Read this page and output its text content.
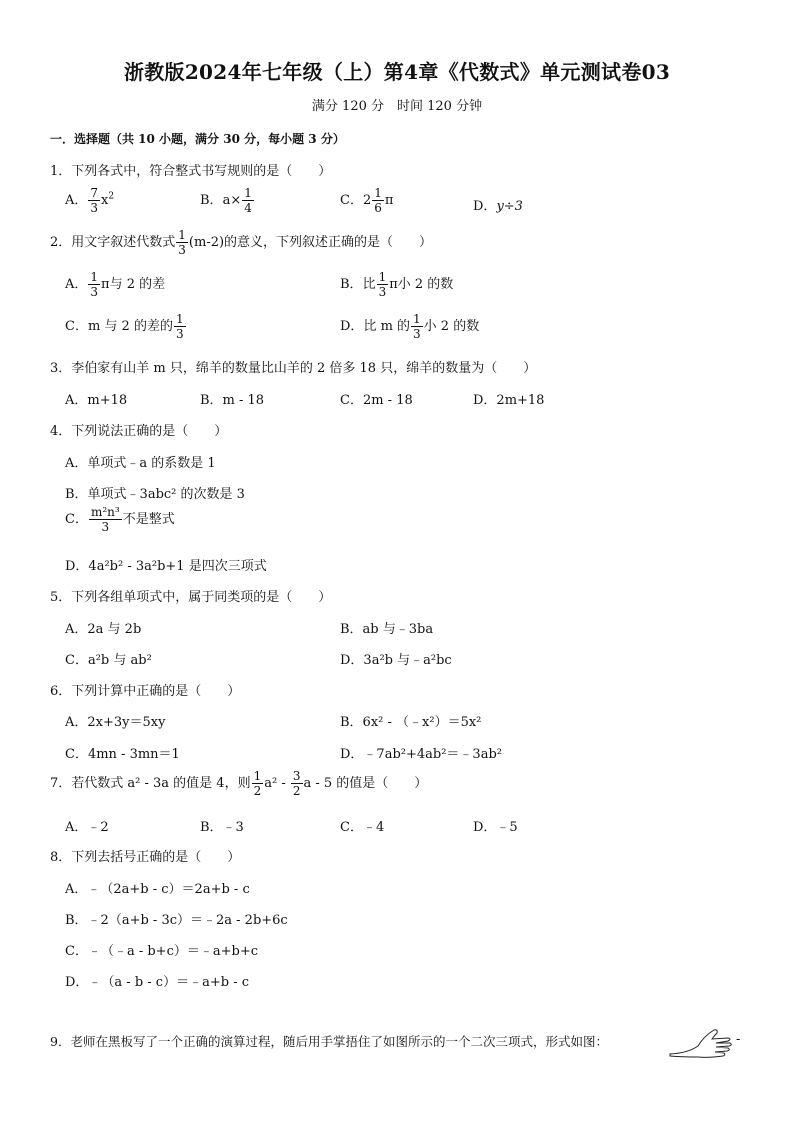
浙教版2024年七年级（上）第4章《代数式》单元测试卷03
满分 120 分　时间 120 分钟
一．选择题（共 10 小题，满分 30 分，每小题 3 分）
1．下列各式中，符合整式书写规则的是（　　）
A． $\frac{7}{3} x^2$	B．$a\times \frac{1}{4}$	C．$2 \frac{1}{6}$ π	D．y÷3
2．用文字叙述代数式 $\frac{1}{3} (m-2)$的意义，下列叙述正确的是（　　）
A． $\frac{1}{3}$ π与 2 的差	B．比 $\frac{1}{3}$ π小 2 的数
C．m 与 2 的差的 $\frac{1}{3}$	D．比 m 的 $\frac{1}{3}$ 小 2 的数
3．李伯家有山羊 m 只，绵羊的数量比山羊的 2 倍多 18 只，绵羊的数量为（　　）
A．m+18	B．m - 18	C．2m - 18	D．2m+18
4．下列说法正确的是（　　）
A．单项式﹣a 的系数是 1
B．单项式﹣3abc² 的次数是 3
C． $\frac{\text{m²n³}}{3}$ 不是整式
D．4a²b² - 3a²b+1 是四次三项式
5．下列各组单项式中，属于同类项的是（　　）
A．2a 与 2b	B．ab 与﹣3ba
C．a²b 与 ab²	D．3a²b 与﹣a²bc
6．下列计算中正确的是（　　）
A．2x+3y＝5xy	B．6x² - （﹣x²）＝5x²
C．4mn - 3mn＝1	D．﹣7ab²+4ab²＝﹣3ab²
7．若代数式 a² - 3a 的值是 4，则 $\frac{1}{2} a^2 - \frac{3}{2}$ a - 5 的值是（　　）
A．﹣2	B．﹣3	C．﹣4	D．﹣5
8．下列去括号正确的是（　　）
A．﹣（2a+b - c）＝2a+b - c
B．﹣2（a+b - 3c）＝﹣2a - 2b+6c
C．﹣（﹣a - b+c）＝﹣a+b+c
D．﹣（a - b - c）＝﹣a+b - c
9．老师在黑板写了一个正确的演算过程，随后用手掌捂住了如图所示的一个二次三项式，形式如图：	-
